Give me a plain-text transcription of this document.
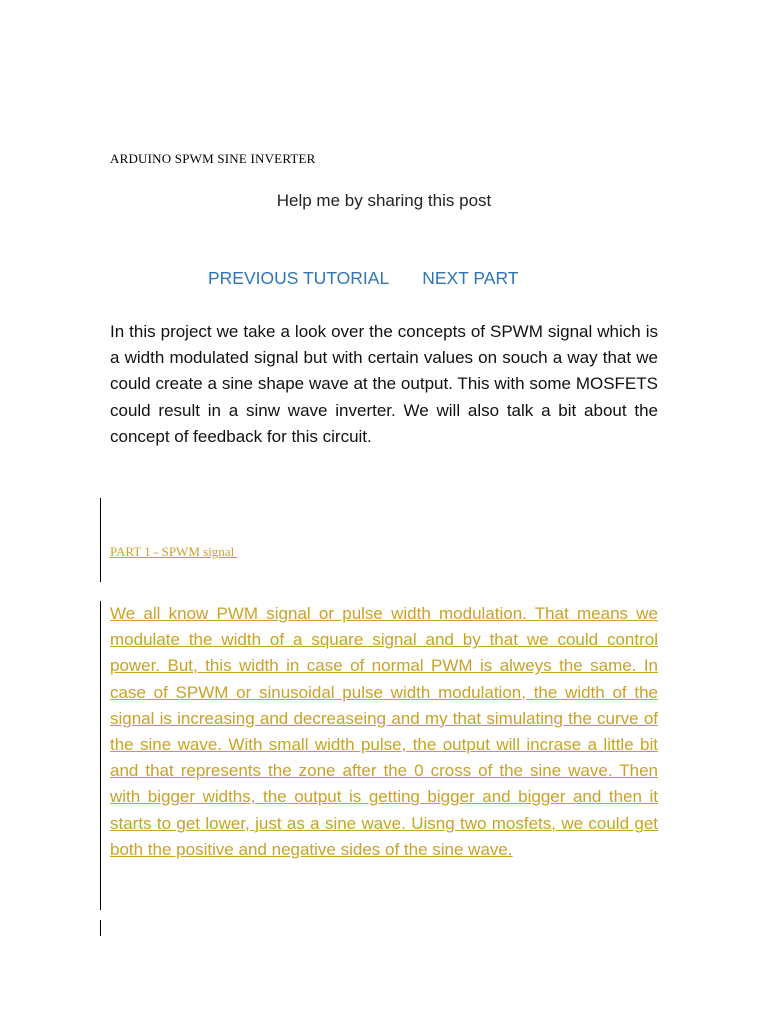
ARDUINO SPWM SINE INVERTER
Help me by sharing this post
PREVIOUS TUTORIAL NEXT PART

In this project we take a look over the concepts of SPWM signal which is a width modulated signal but with certain values on souch a way that we could create a sine shape wave at the output. This with some MOSFETS could result in a sinw wave inverter. We will also talk a bit about the concept of feedback for this circuit.

PART 1 - SPWM signal

We all know PWM signal or pulse width modulation. That means we modulate the width of a square signal and by that we could control power. But, this width in case of normal PWM is alweys the same. In case of SPWM or sinusoidal pulse width modulation, the width of the signal is increasing and decreaseing and my that simulating the curve of the sine wave. With small width pulse, the output will incrase a little bit and that represents the zone after the 0 cross of the sine wave. Then with bigger widths, the output is getting bigger and bigger and then it starts to get lower, just as a sine wave. Uisng two mosfets, we could get both the positive and negative sides of the sine wave.
